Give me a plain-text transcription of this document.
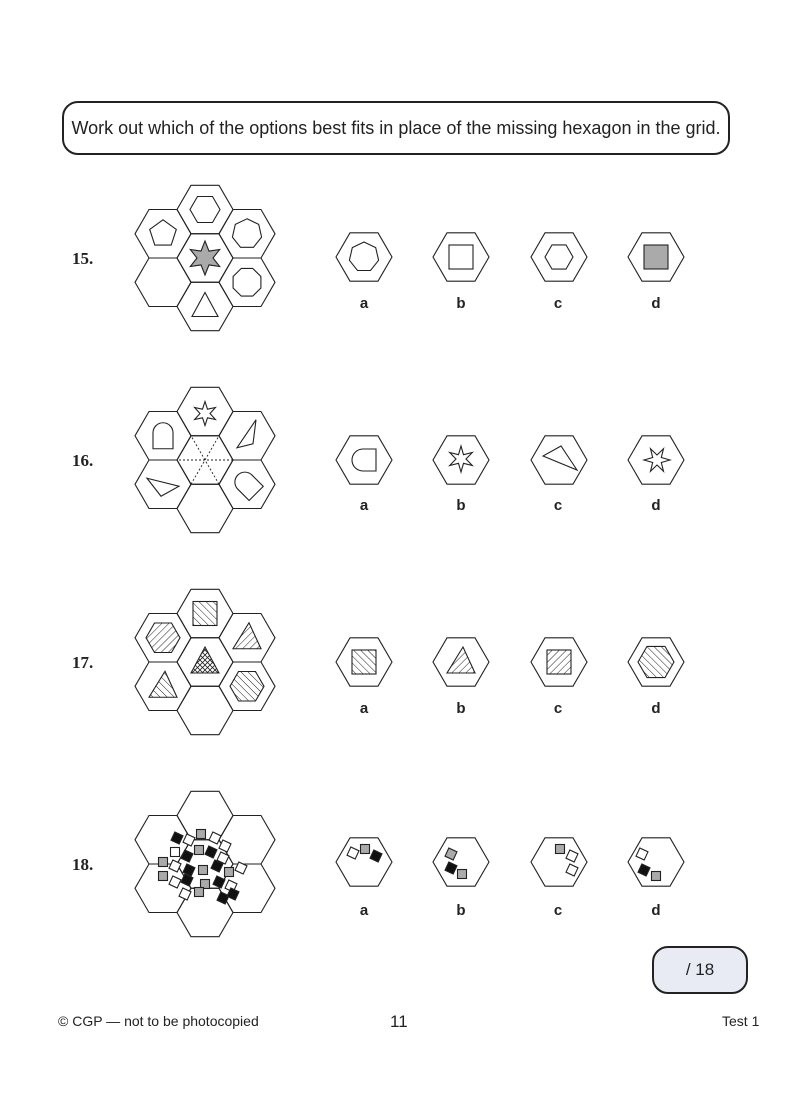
Work out which of the options best fits in place of the missing hexagon in the grid.
15.
16.
17.
18.
a	b	c	d
a	b	c	d
a	b	c	d
a	b	c	d
/ 18
© CGP — not to be photocopied	11	Test 1
